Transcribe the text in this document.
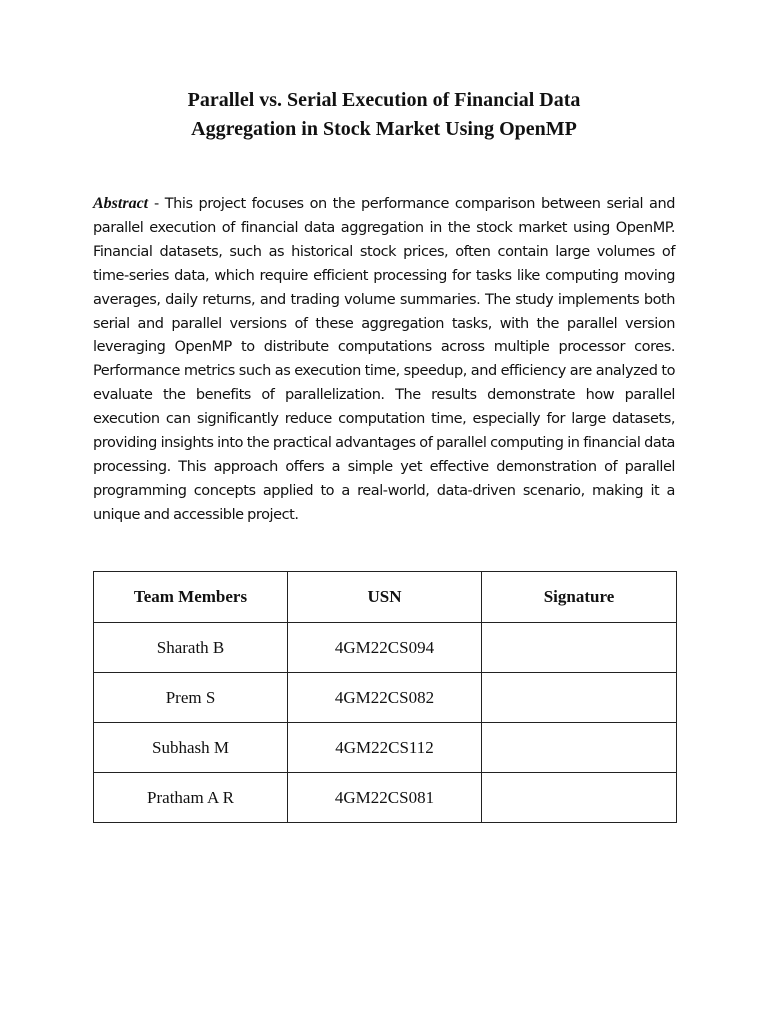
Parallel vs. Serial Execution of Financial Data
Aggregation in Stock Market Using OpenMP

Abstract - This project focuses on the performance comparison between serial and parallel execution of financial data aggregation in the stock market using OpenMP. Financial datasets, such as historical stock prices, often contain large volumes of time-series data, which require efficient processing for tasks like computing moving averages, daily returns, and trading volume summaries. The study implements both serial and parallel versions of these aggregation tasks, with the parallel version leveraging OpenMP to distribute computations across multiple processor cores. Performance metrics such as execution time, speedup, and efficiency are analyzed to evaluate the benefits of parallelization. The results demonstrate how parallel execution can significantly reduce computation time, especially for large datasets, providing insights into the practical advantages of parallel computing in financial data processing. This approach offers a simple yet effective demonstration of parallel programming concepts applied to a real-world, data-driven scenario, making it a unique and accessible project.

Team Members	USN	Signature
Sharath B	4GM22CS094	
Prem S	4GM22CS082	
Subhash M	4GM22CS112	
Pratham A R	4GM22CS081	
